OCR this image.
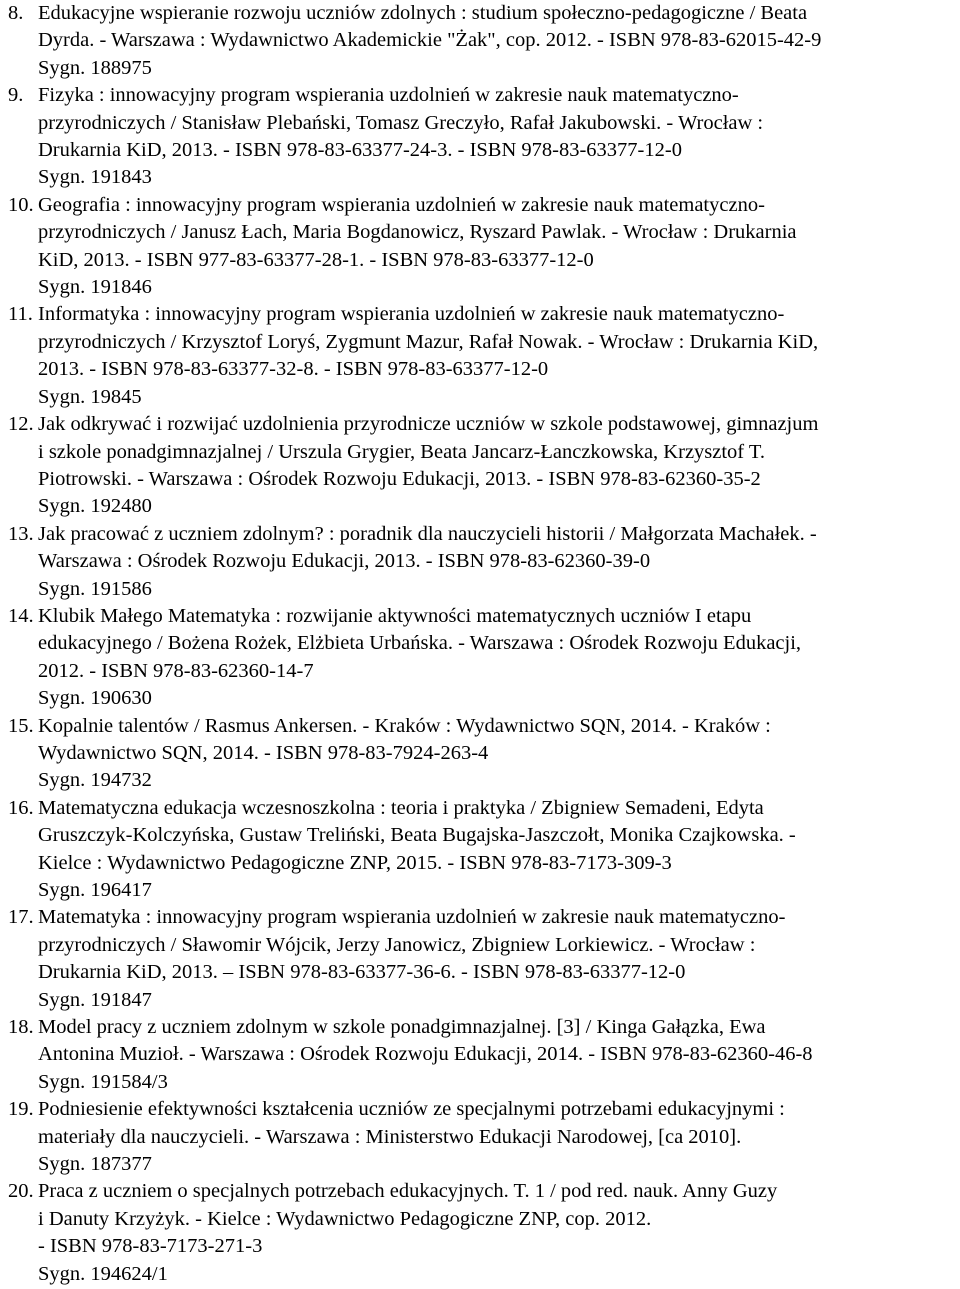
8. Edukacyjne wspieranie rozwoju uczniów zdolnych : studium społeczno-pedagogiczne / Beata
Dyrda. - Warszawa : Wydawnictwo Akademickie "Żak", cop. 2012. - ISBN 978-83-62015-42-9
Sygn. 188975
9. Fizyka : innowacyjny program wspierania uzdolnień w zakresie nauk matematyczno-
przyrodniczych / Stanisław Plebański, Tomasz Greczyło, Rafał Jakubowski. - Wrocław :
Drukarnia KiD, 2013. - ISBN 978-83-63377-24-3. - ISBN 978-83-63377-12-0
Sygn. 191843
10. Geografia : innowacyjny program wspierania uzdolnień w zakresie nauk matematyczno-
przyrodniczych / Janusz Łach, Maria Bogdanowicz, Ryszard Pawlak. - Wrocław : Drukarnia
KiD, 2013. - ISBN 977-83-63377-28-1. - ISBN 978-83-63377-12-0
Sygn. 191846
11. Informatyka : innowacyjny program wspierania uzdolnień w zakresie nauk matematyczno-
przyrodniczych / Krzysztof Loryś, Zygmunt Mazur, Rafał Nowak. - Wrocław : Drukarnia KiD,
2013. - ISBN 978-83-63377-32-8. - ISBN 978-83-63377-12-0
Sygn. 19845
12. Jak odkrywać i rozwijać uzdolnienia przyrodnicze uczniów w szkole podstawowej, gimnazjum
i szkole ponadgimnazjalnej / Urszula Grygier, Beata Jancarz-Łanczkowska, Krzysztof T.
Piotrowski. - Warszawa : Ośrodek Rozwoju Edukacji, 2013. - ISBN 978-83-62360-35-2
Sygn. 192480
13. Jak pracować z uczniem zdolnym? : poradnik dla nauczycieli historii / Małgorzata Machałek. -
Warszawa : Ośrodek Rozwoju Edukacji, 2013. - ISBN 978-83-62360-39-0
Sygn. 191586
14. Klubik Małego Matematyka : rozwijanie aktywności matematycznych uczniów I etapu
edukacyjnego / Bożena Rożek, Elżbieta Urbańska. - Warszawa : Ośrodek Rozwoju Edukacji,
2012. - ISBN 978-83-62360-14-7
Sygn. 190630
15. Kopalnie talentów / Rasmus Ankersen. - Kraków : Wydawnictwo SQN, 2014. - Kraków :
Wydawnictwo SQN, 2014. - ISBN 978-83-7924-263-4
Sygn. 194732
16. Matematyczna edukacja wczesnoszkolna : teoria i praktyka / Zbigniew Semadeni, Edyta
Gruszczyk-Kolczyńska, Gustaw Treliński, Beata Bugajska-Jaszczołt, Monika Czajkowska. -
Kielce : Wydawnictwo Pedagogiczne ZNP, 2015. - ISBN 978-83-7173-309-3
Sygn. 196417
17. Matematyka : innowacyjny program wspierania uzdolnień w zakresie nauk matematyczno-
przyrodniczych / Sławomir Wójcik, Jerzy Janowicz, Zbigniew Lorkiewicz. - Wrocław :
Drukarnia KiD, 2013. – ISBN 978-83-63377-36-6. - ISBN 978-83-63377-12-0
Sygn. 191847
18. Model pracy z uczniem zdolnym w szkole ponadgimnazjalnej. [3] / Kinga Gałązka, Ewa
Antonina Muzioł. - Warszawa : Ośrodek Rozwoju Edukacji, 2014. - ISBN 978-83-62360-46-8
Sygn. 191584/3
19. Podniesienie efektywności kształcenia uczniów ze specjalnymi potrzebami edukacyjnymi :
materiały dla nauczycieli. - Warszawa : Ministerstwo Edukacji Narodowej, [ca 2010].
Sygn. 187377
20. Praca z uczniem o specjalnych potrzebach edukacyjnych. T. 1 / pod red. nauk. Anny Guzy
i Danuty Krzyżyk. - Kielce : Wydawnictwo Pedagogiczne ZNP, cop. 2012.
- ISBN 978-83-7173-271-3
Sygn. 194624/1
